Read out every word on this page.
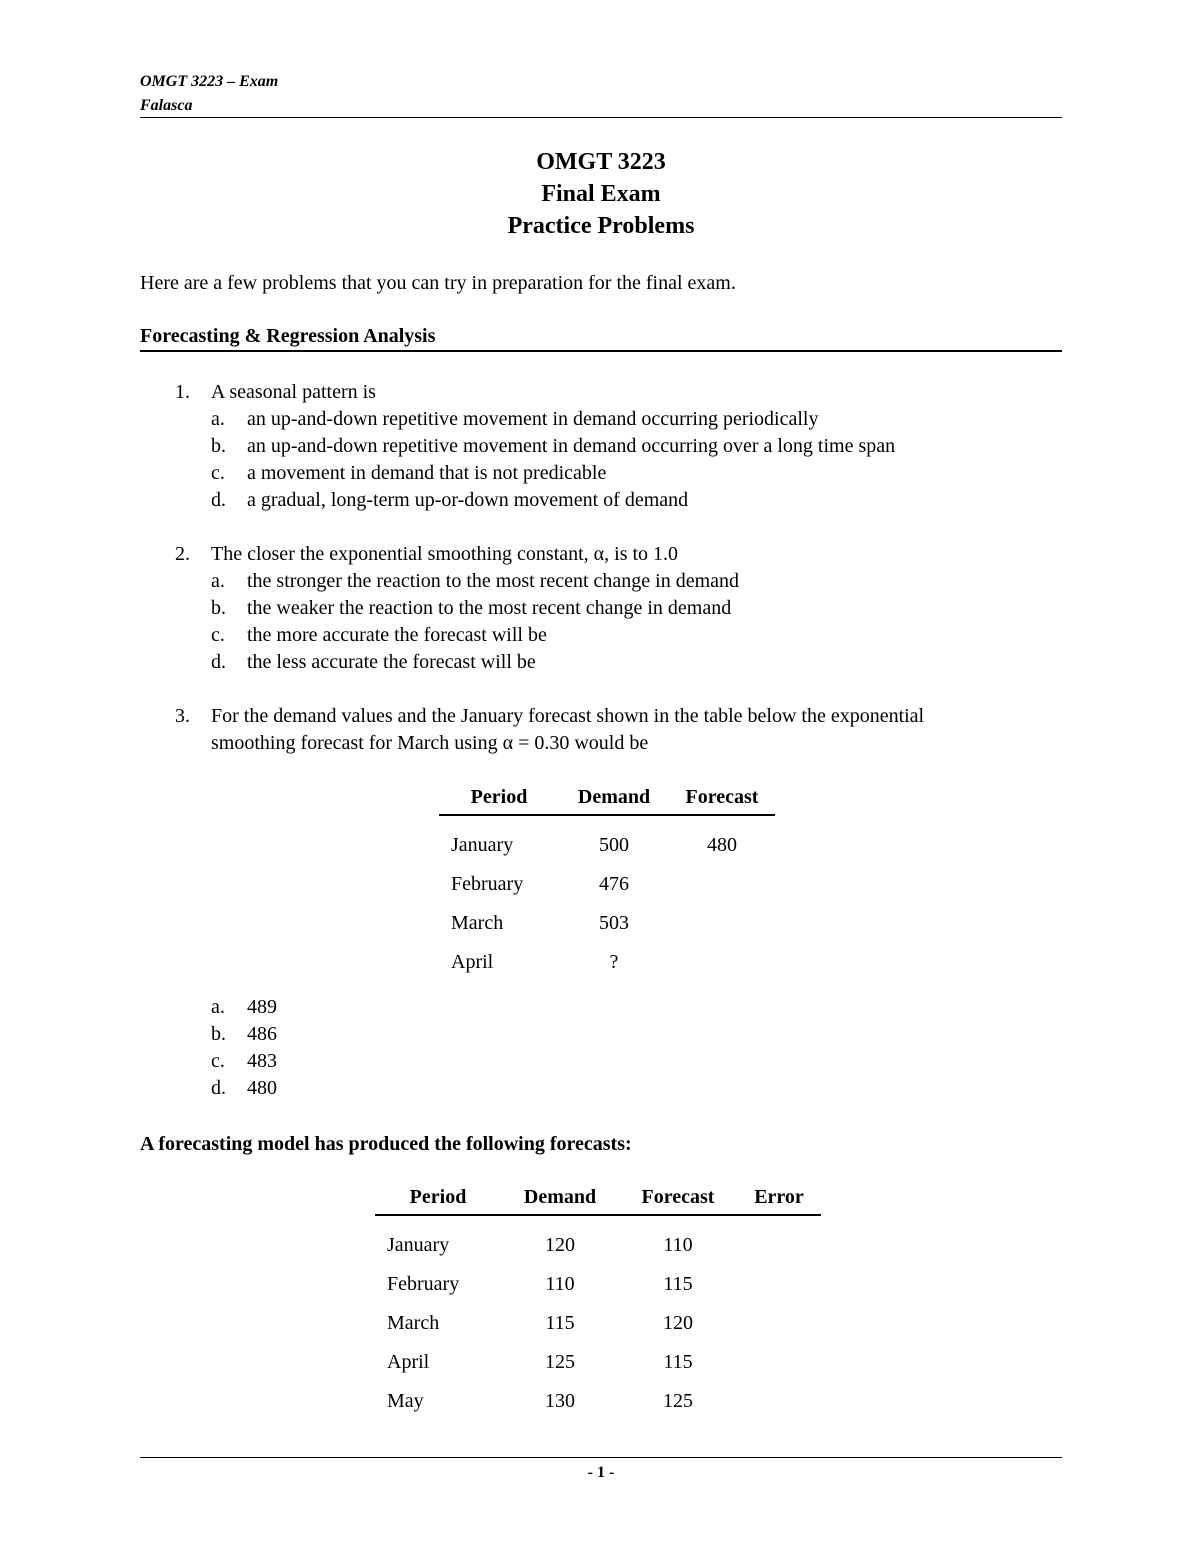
OMGT 3223 – Exam
Falasca
OMGT 3223
Final Exam
Practice Problems
Here are a few problems that you can try in preparation for the final exam.
Forecasting & Regression Analysis
1. A seasonal pattern is
a. an up-and-down repetitive movement in demand occurring periodically
b. an up-and-down repetitive movement in demand occurring over a long time span
c. a movement in demand that is not predicable
d. a gradual, long-term up-or-down movement of demand
2. The closer the exponential smoothing constant, α, is to 1.0
a. the stronger the reaction to the most recent change in demand
b. the weaker the reaction to the most recent change in demand
c. the more accurate the forecast will be
d. the less accurate the forecast will be
3. For the demand values and the January forecast shown in the table below the exponential
smoothing forecast for March using α = 0.30 would be
Period	Demand	Forecast
January	500	480
February	476	
March	503	
April	?	
a. 489
b. 486
c. 483
d. 480
A forecasting model has produced the following forecasts:
Period	Demand	Forecast	Error
January	120	110	
February	110	115	
March	115	120	
April	125	115	
May	130	125	
- 1 -
